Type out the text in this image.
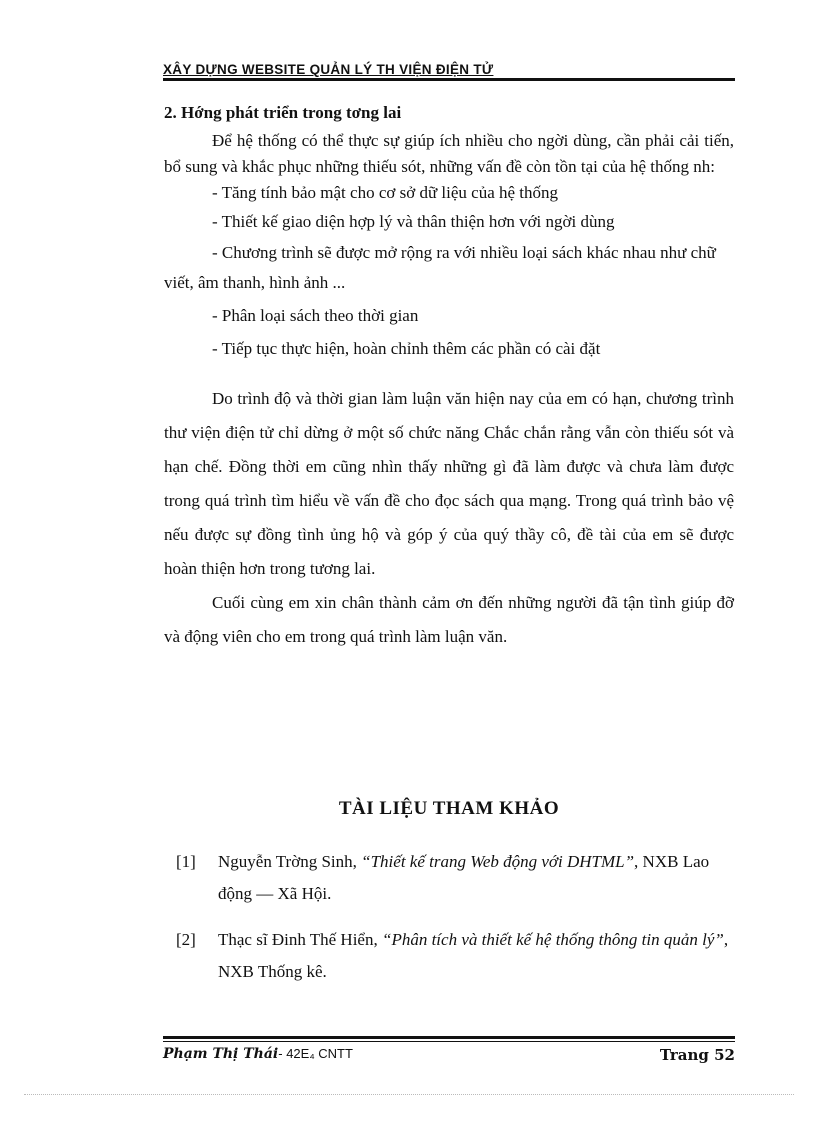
XÂY DỰNG WEBSITE QUẢN LÝ TH VIỆN ĐIỆN TỬ
2. Hớng phát triển trong tơng lai

Để hệ thống có thể thực sự giúp ích nhiều cho ngời dùng, cần phải cải tiến, bổ sung và khắc phục những thiếu sót, những vấn đề còn tồn tại của hệ thống nh:

- Tăng tính bảo mật cho cơ sở dữ liệu của hệ thống
- Thiết kế giao diện hợp lý và thân thiện hơn với ngời dùng
- Chương trình sẽ được mở rộng ra với nhiều loại sách khác nhau như chữ viết, âm thanh, hình ảnh ...
- Phân loại sách theo thời gian
- Tiếp tục thực hiện, hoàn chỉnh thêm các phần có cài đặt

Do trình độ và thời gian làm luận văn hiện nay của em có hạn, chương trình thư viện điện tử chỉ dừng ở một số chức năng Chắc chắn rằng vẫn còn thiếu sót và hạn chế. Đồng thời em cũng nhìn thấy những gì đã làm được và chưa làm được trong quá trình tìm hiểu về vấn đề cho đọc sách qua mạng. Trong quá trình bảo vệ nếu được sự đồng tình ủng hộ và góp ý của quý thầy cô, đề tài của em sẽ được hoàn thiện hơn trong tương lai.

Cuối cùng em xin chân thành cảm ơn đến những người đã tận tình giúp đỡ và động viên cho em trong quá trình làm luận văn.

TÀI LIỆU THAM KHẢO
[1]	Nguyễn Trờng Sinh, “Thiết kế trang Web động với DHTML”, NXB Lao động — Xã Hội.
[2]	Thạc sĩ Đinh Thế Hiển, “Phân tích và thiết kế hệ thống thông tin quản lý”, NXB Thống kê.
Phạm Thị Thái- 42E₄ CNTT	Trang 52
